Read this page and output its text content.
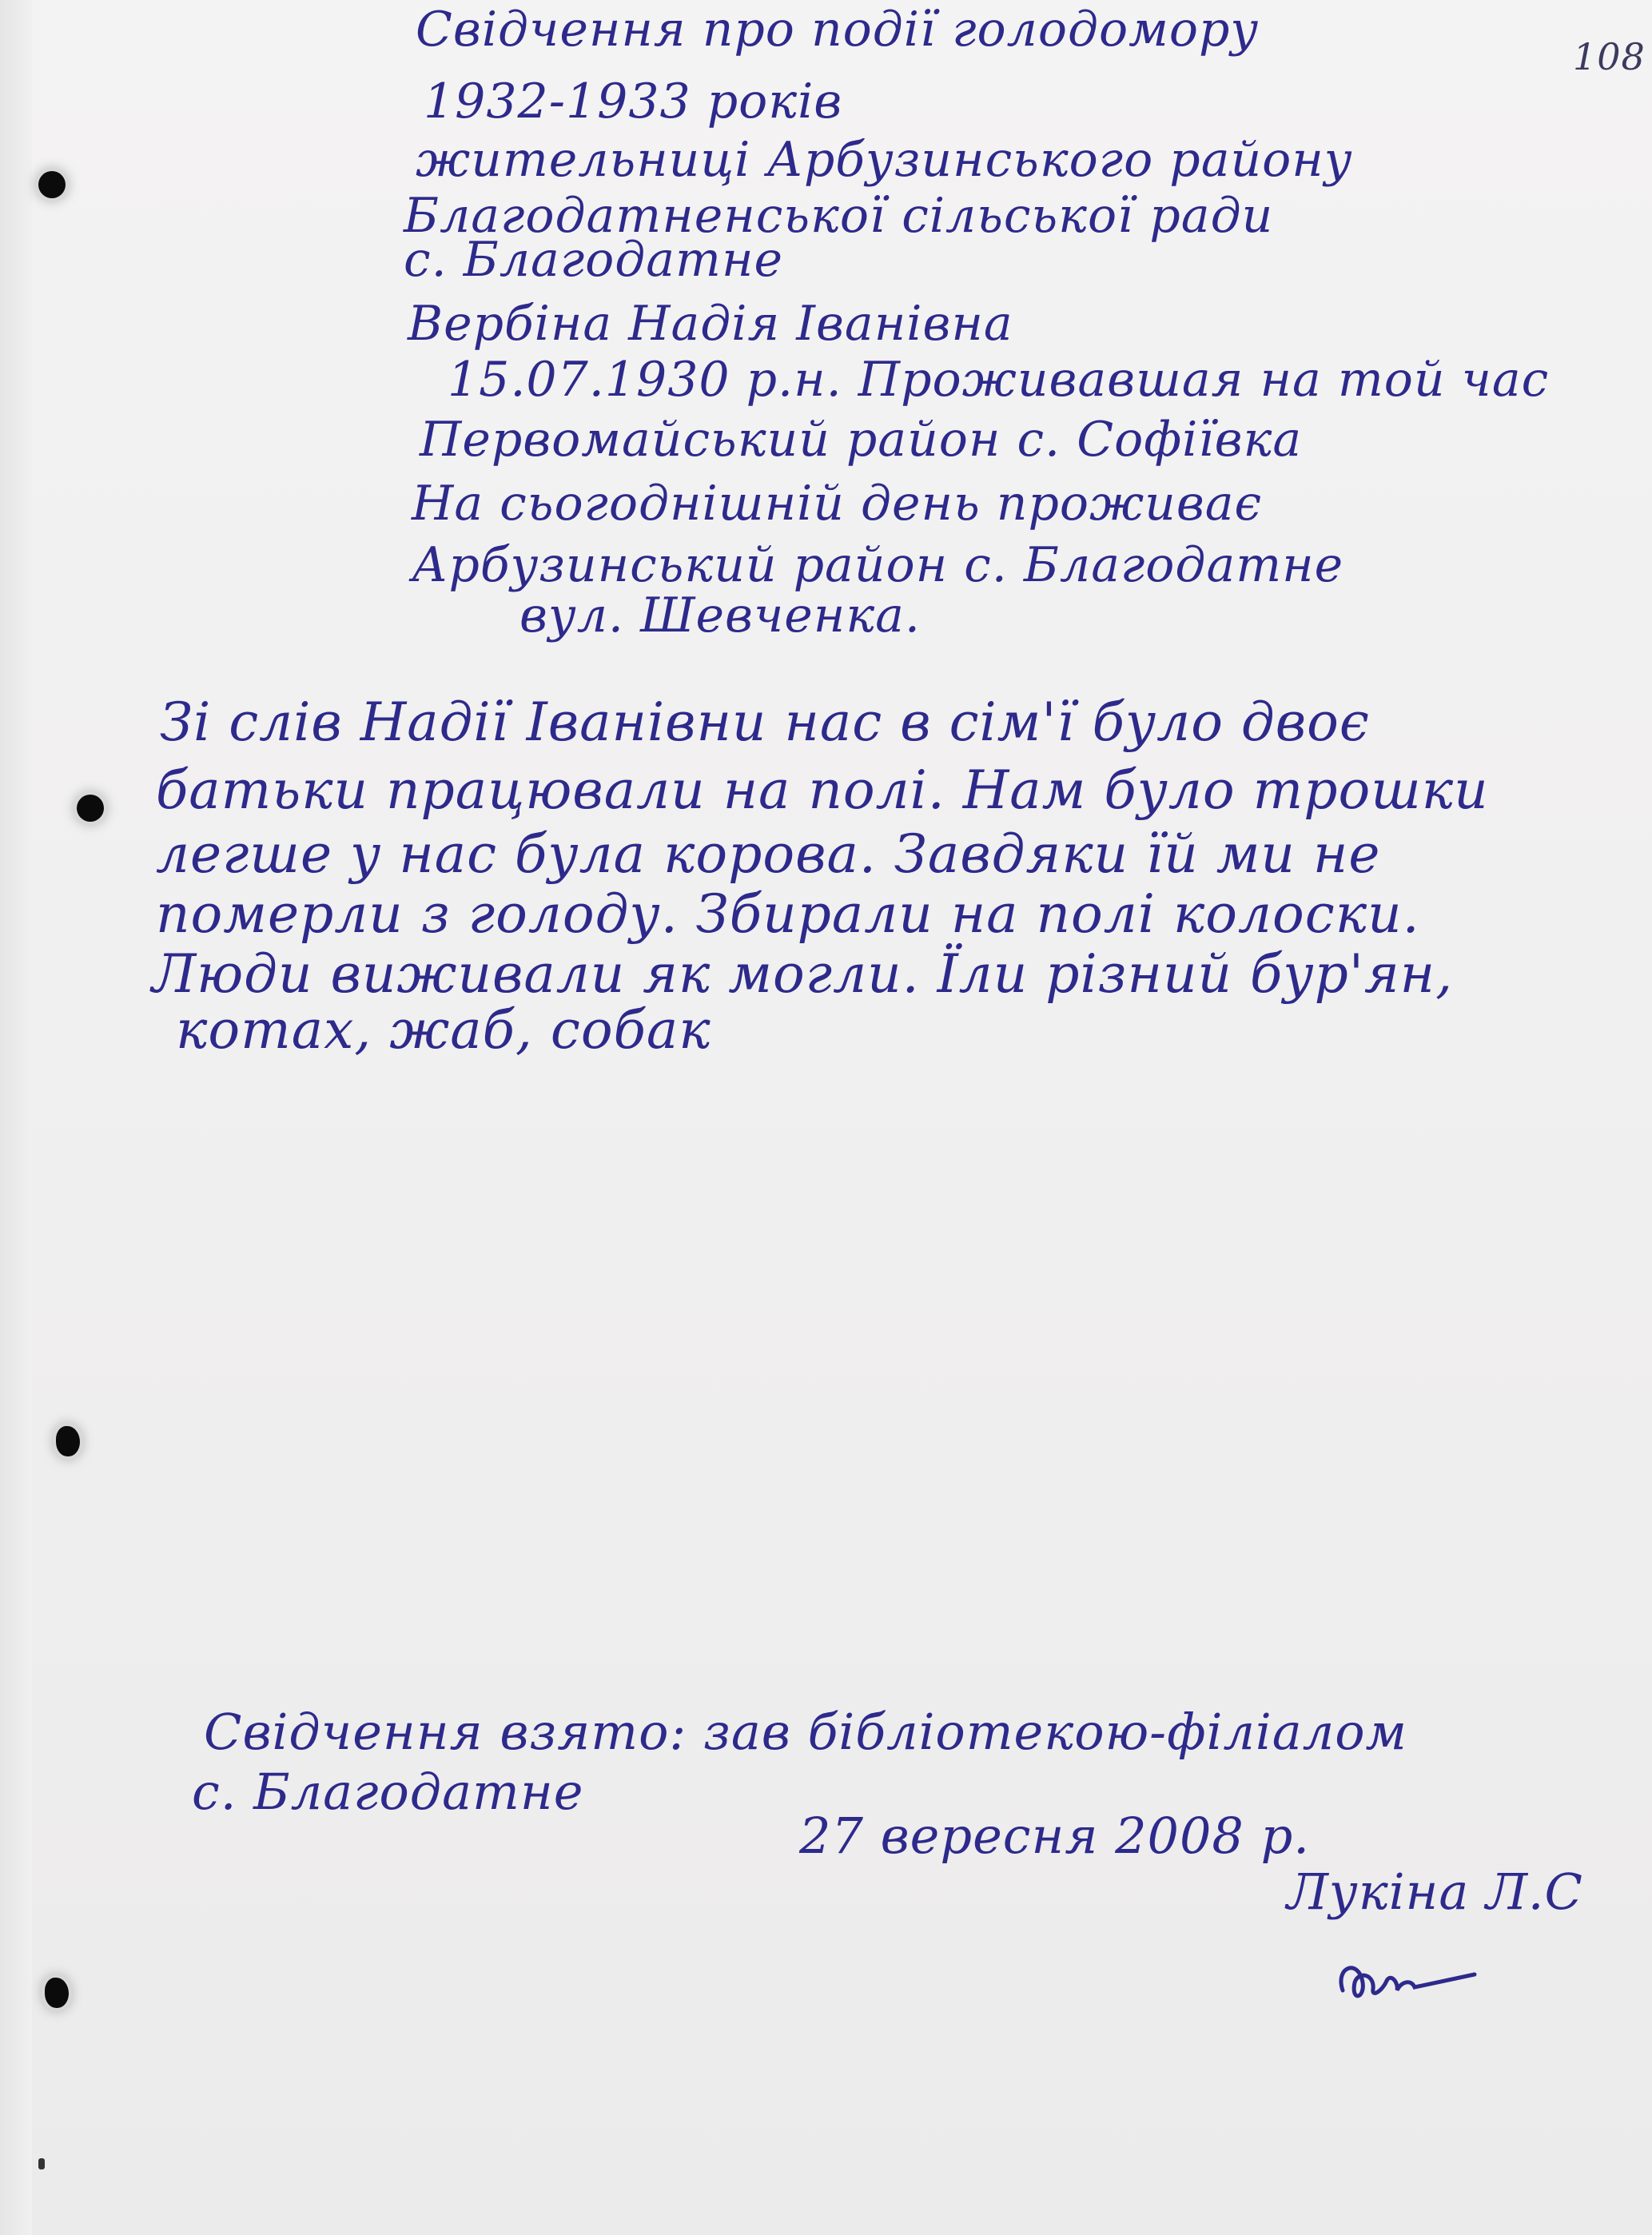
108

Свідчення про події голодомору

1932-1933 років

жительниці Арбузинського району

Благодатненської сільської ради

с. Благодатне

Вербіна Надія Іванівна

15.07.1930 р.н. Проживавшая на той час

Первомайський район с. Софіївка

На сьогоднішній день проживає

Арбузинський район с. Благодатне

вул. Шевченка.

Зі слів Надії Іванівни нас в сім'ї було двоє

батьки працювали на полі. Нам було трошки

легше у нас була корова. Завдяки їй ми не

померли з голоду. Збирали на полі колоски.

Люди виживали як могли. Їли різний бур'ян,

котах, жаб, собак

Свідчення взято: зав бібліотекою-філіалом

с. Благодатне

27 вересня 2008 р.

Лукіна Л.С
